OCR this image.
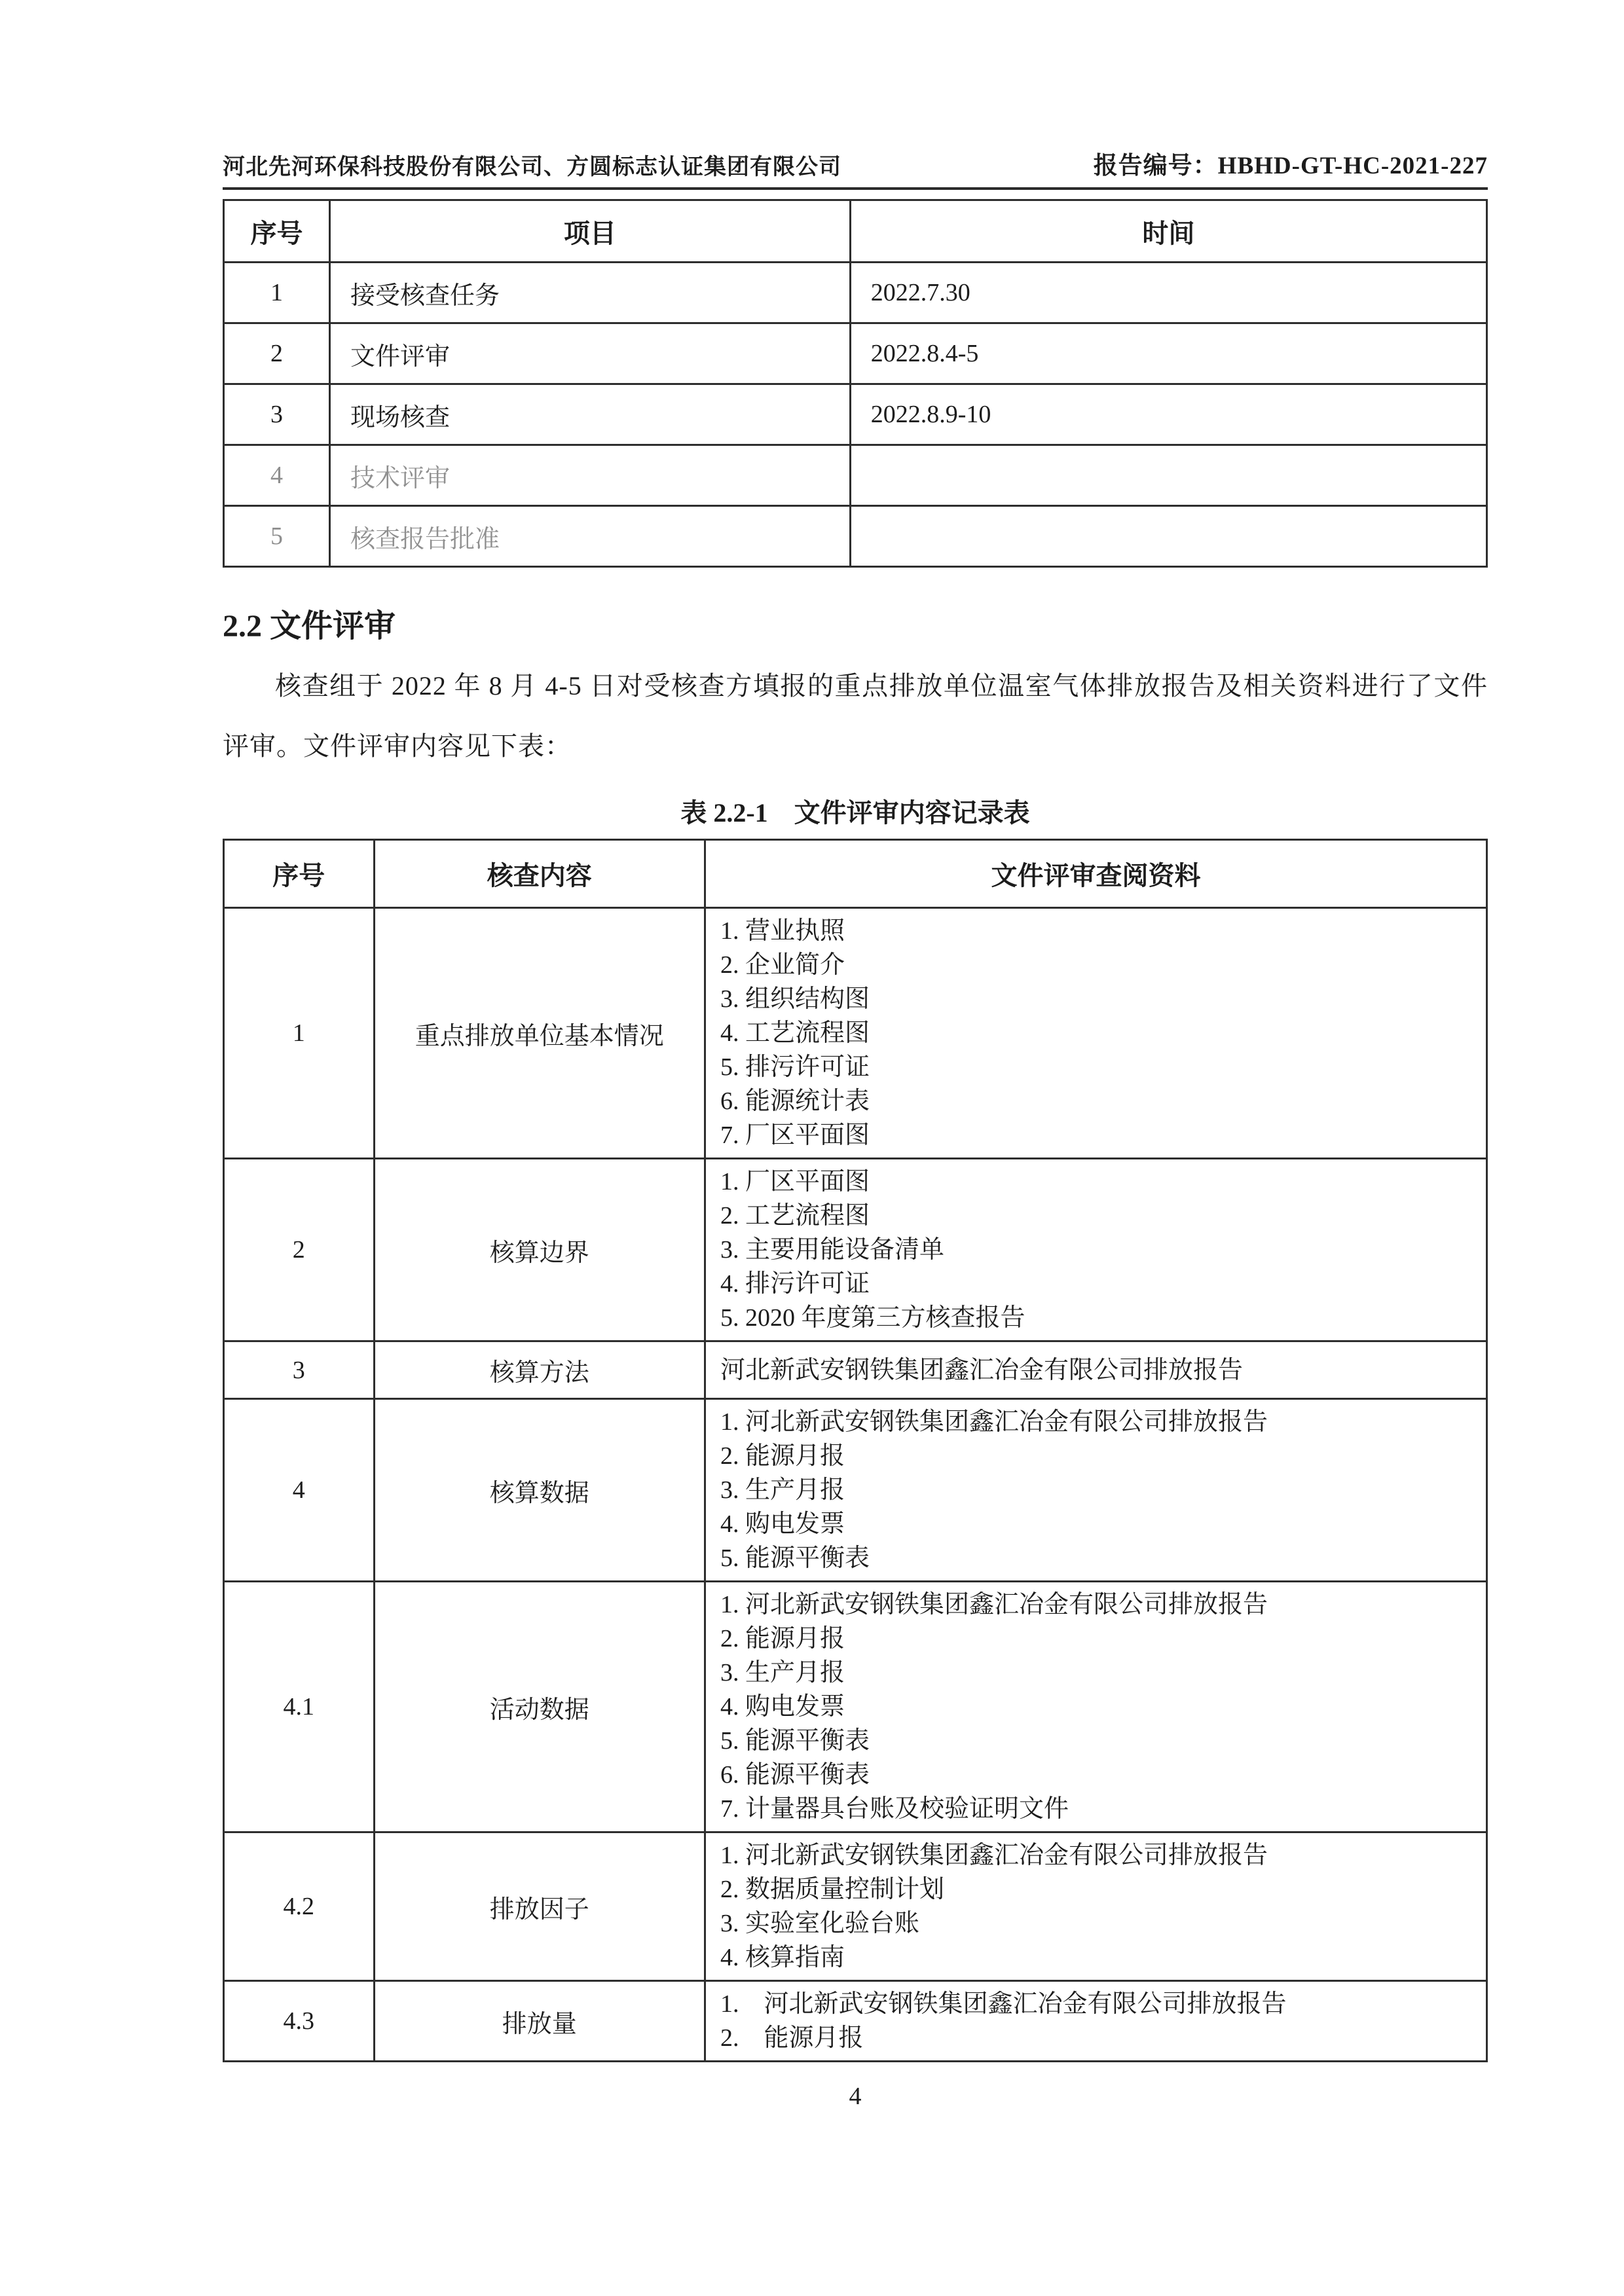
河北先河环保科技股份有限公司、方圆标志认证集团有限公司	报告编号：HBHD-GT-HC-2021-227
序号	项目	时间
1	接受核查任务	2022.7.30
2	文件评审	2022.8.4-5
3	现场核查	2022.8.9-10
4	技术评审	
5	核查报告批准	
2.2 文件评审

核查组于 2022 年 8 月 4-5 日对受核查方填报的重点排放单位温室气体排放报告及相关资料进行了文件评审。文件评审内容见下表：

表 2.2-1　文件评审内容记录表
序号	核查内容	文件评审查阅资料
1	重点排放单位基本情况	
1. 营业执照
2. 企业简介
3. 组织结构图
4. 工艺流程图
5. 排污许可证
6. 能源统计表
7. 厂区平面图

2	核算边界	1. 厂区平面图
2. 工艺流程图
3. 主要用能设备清单
4. 排污许可证
5. 2020 年度第三方核查报告

3	核算方法	河北新武安钢铁集团鑫汇冶金有限公司排放报告

4	核算数据	1. 河北新武安钢铁集团鑫汇冶金有限公司排放报告
2. 能源月报
3. 生产月报
4. 购电发票
5. 能源平衡表

4.1	活动数据	
1. 河北新武安钢铁集团鑫汇冶金有限公司排放报告
2. 能源月报
3. 生产月报
4. 购电发票
5. 能源平衡表
6. 能源平衡表
7. 计量器具台账及校验证明文件

4.2	排放因子	1. 河北新武安钢铁集团鑫汇冶金有限公司排放报告
2. 数据质量控制计划
3. 实验室化验台账
4. 核算指南

4.3	排放量	1.　河北新武安钢铁集团鑫汇冶金有限公司排放报告
2.　能源月报
4
